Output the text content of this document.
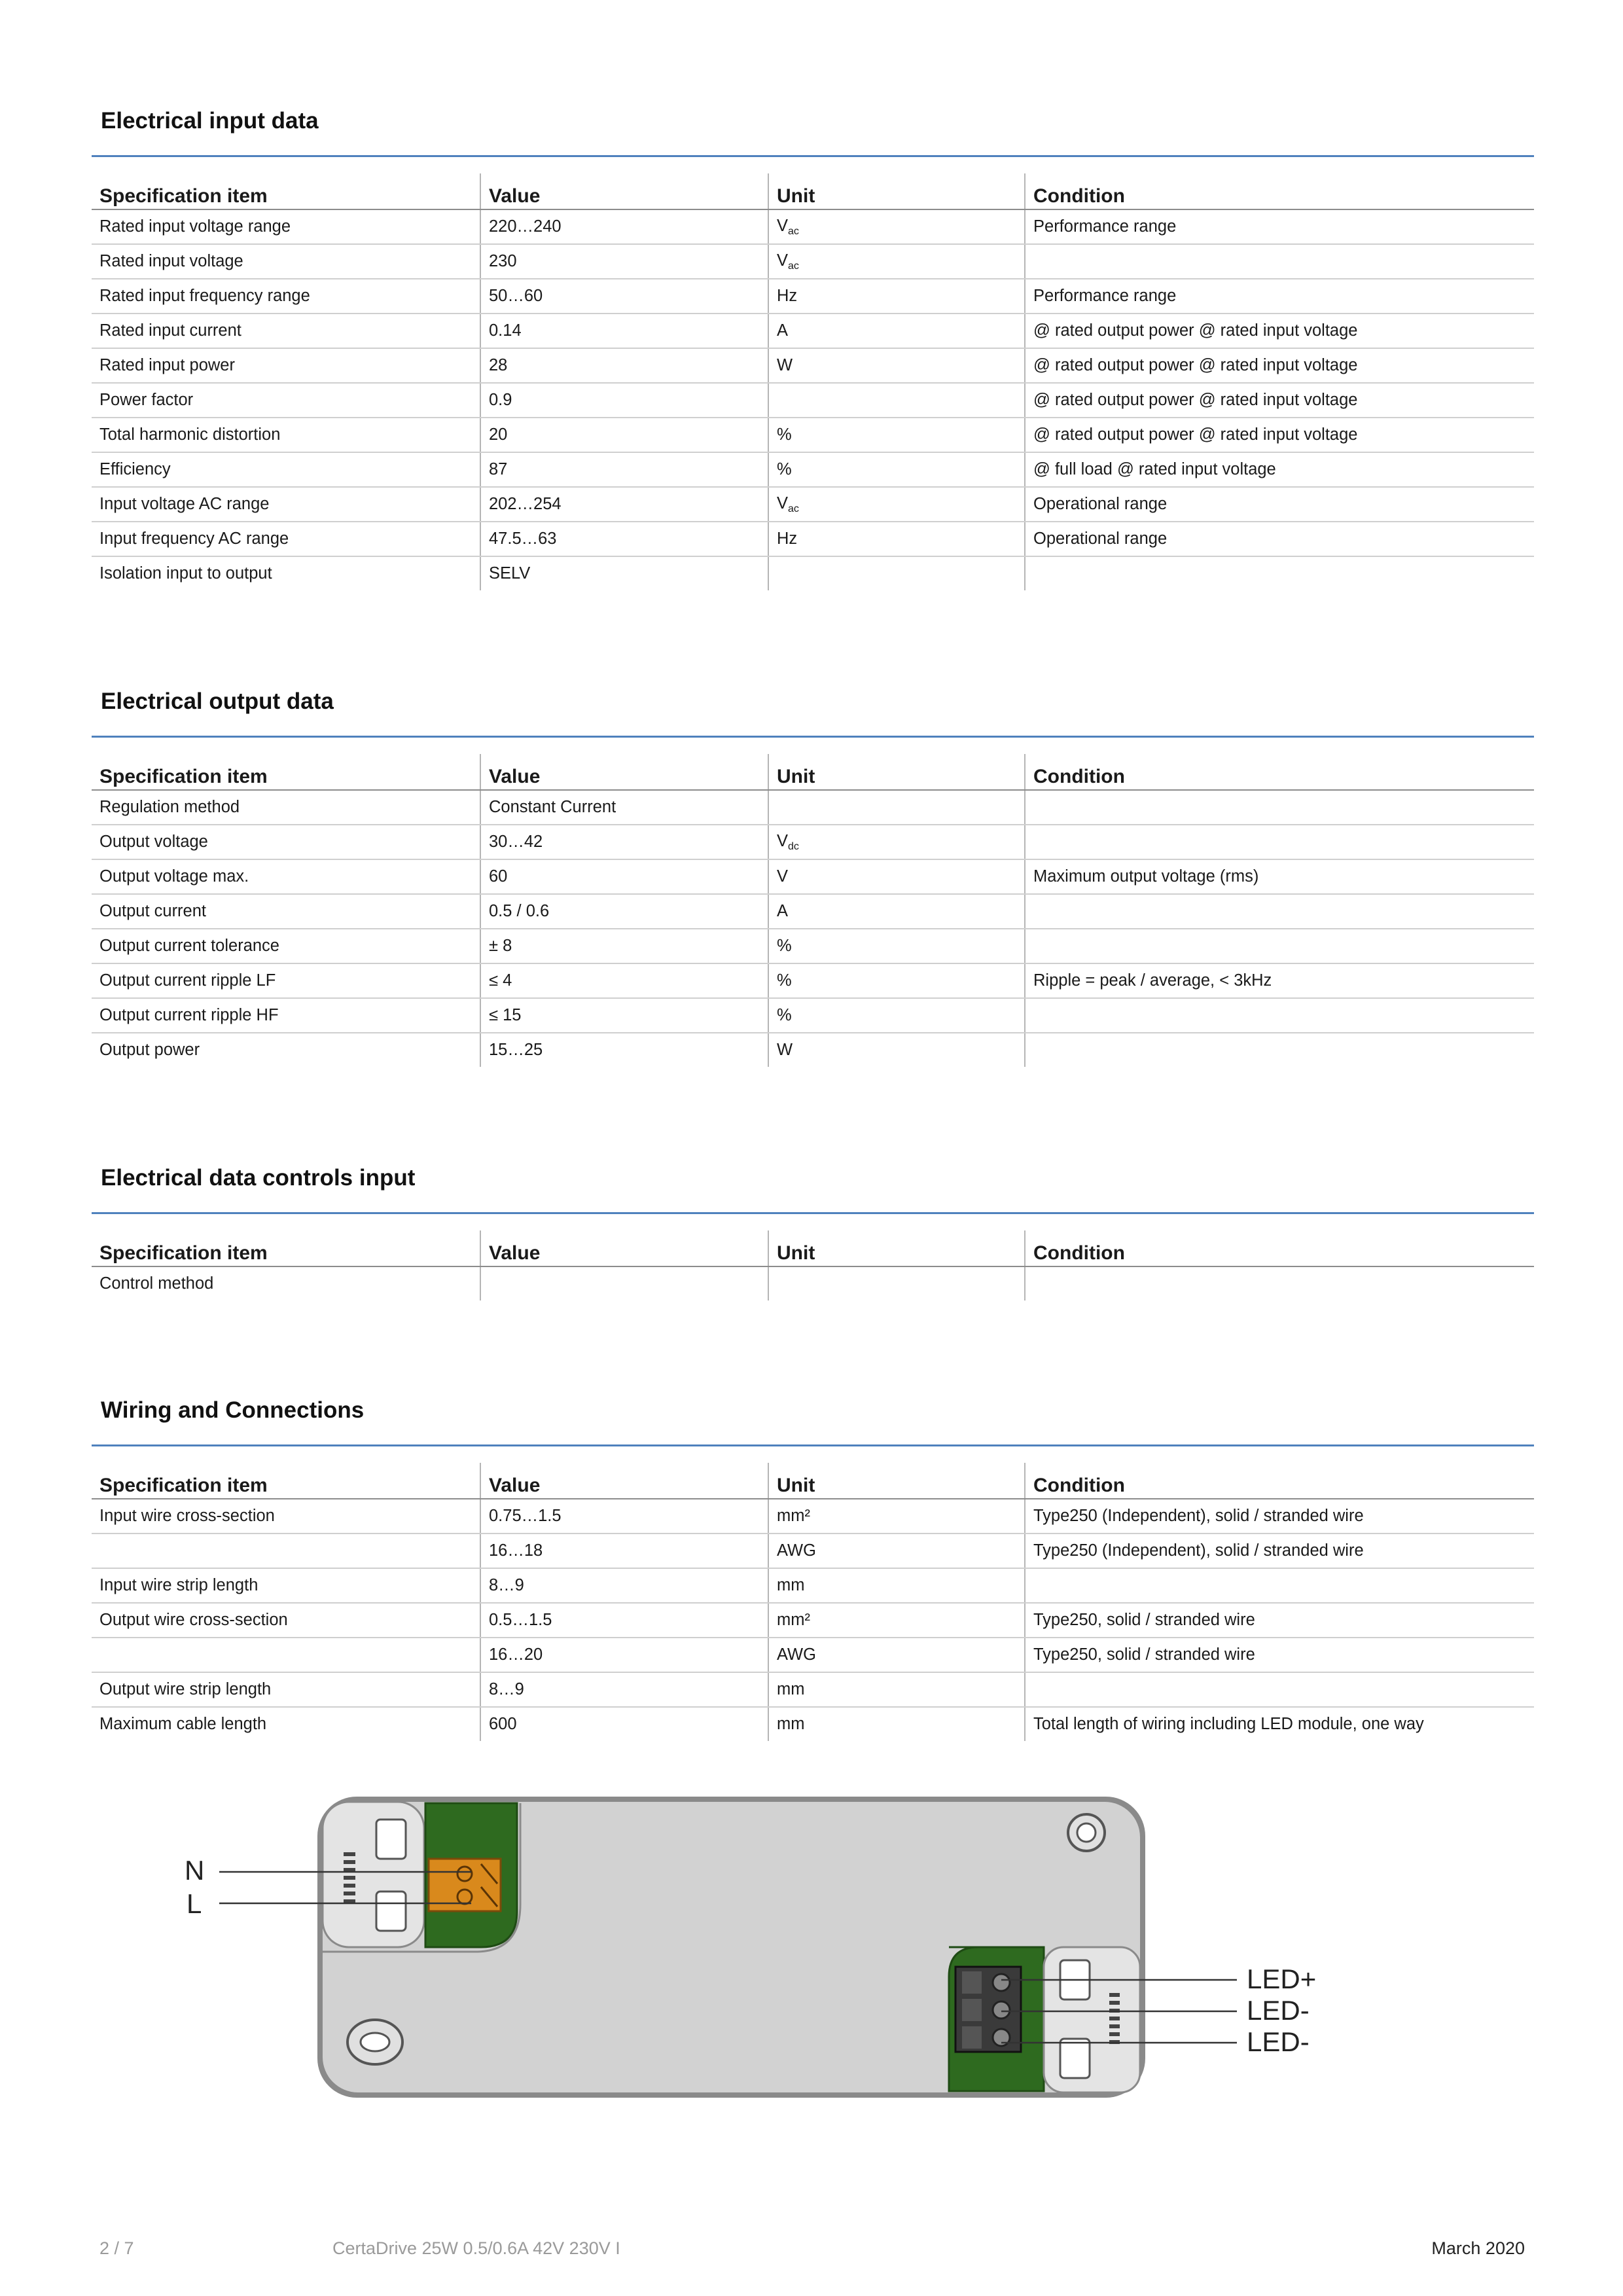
Electrical input data
Specification item	Value	Unit	Condition
Rated input voltage range	220…240	$V_{ac}$	Performance range
Rated input voltage	230	$V_{ac}$	
Rated input frequency range	50…60	Hz	Performance range
Rated input current	0.14	A	@ rated output power @ rated input voltage
Rated input power	28	W	@ rated output power @ rated input voltage
Power factor	0.9		@ rated output power @ rated input voltage
Total harmonic distortion	20	%	@ rated output power @ rated input voltage
Efficiency	87	%	@ full load @ rated input voltage
Input voltage AC range	202…254	$V_{ac}$	Operational range
Input frequency AC range	47.5…63	Hz	Operational range
Isolation input to output	SELV		
Electrical output data
Specification item	Value	Unit	Condition
Regulation method	Constant Current		
Output voltage	30…42	$V_{dc}$	
Output voltage max.	60	V	Maximum output voltage (rms)
Output current	0.5 / 0.6	A	
Output current tolerance	± 8	%	
Output current ripple LF	≤ 4	%	Ripple = peak / average, < 3kHz
Output current ripple HF	≤ 15	%	
Output power	15…25	W	
Electrical data controls input
Specification item	Value	Unit	Condition
Control method			
Wiring and Connections
Specification item	Value	Unit	Condition
Input wire cross-section	0.75…1.5	mm²	Type250 (Independent), solid / stranded wire
	16…18	AWG	Type250 (Independent), solid / stranded wire
Input wire strip length	8…9	mm	
Output wire cross-section	0.5…1.5	mm²	Type250, solid / stranded wire
	16…20	AWG	Type250, solid / stranded wire
Output wire strip length	8…9	mm	
Maximum cable length	600	mm	Total length of wiring including LED module, one way
N
L
LED+
LED-
LED-
2 / 7	CertaDrive 25W 0.5/0.6A 42V 230V I	March 2020
